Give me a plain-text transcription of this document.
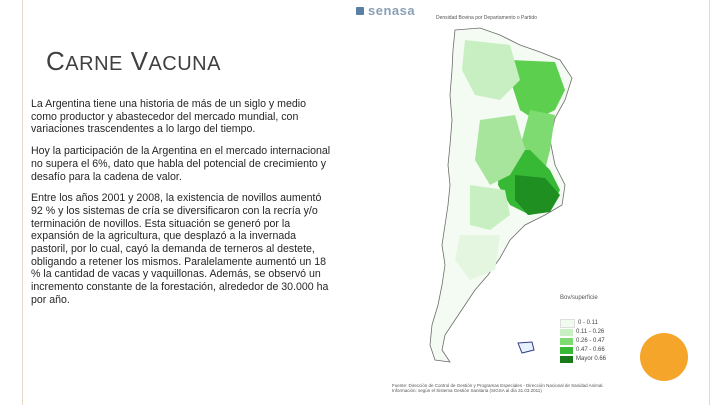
CARNE VACUNA

La Argentina tiene una historia de más de un siglo y medio como productor y abastecedor del mercado mundial, con variaciones trascendentes a lo largo del tiempo.

Hoy la participación de la Argentina en el mercado internacional no supera el 6%, dato que habla del potencial de crecimiento y desafío para la cadena de valor.

Entre los años 2001 y 2008, la existencia de novillos aumentó 92 % y los sistemas de cría se diversificaron con la recría y/o terminación de novillos. Esta situación se generó por la expansión de la agricultura, que desplazó a la invernada pastoril, por lo cual, cayó la demanda de terneros al destete, obligando a retener los mismos. Paralelamente aumentó un 18 % la cantidad de vacas y vaquillonas. Además, se observó un incremento constante de la forestación, alrededor de 30.000 ha por año.	Bov/superficie
0 - 0.11
0.11 - 0.26
0.26 - 0.47
0.47 - 0.66
Mayor 0.66
senasa	Densidad Bovina por Departamento o Partido
Fuente: Dirección de Control de Gestión y Programas Especiales - Dirección Nacional de Sanidad Animal. Información: según el Sistema Gestión Sanitaria (SIGSA al día 31.03.2011)
